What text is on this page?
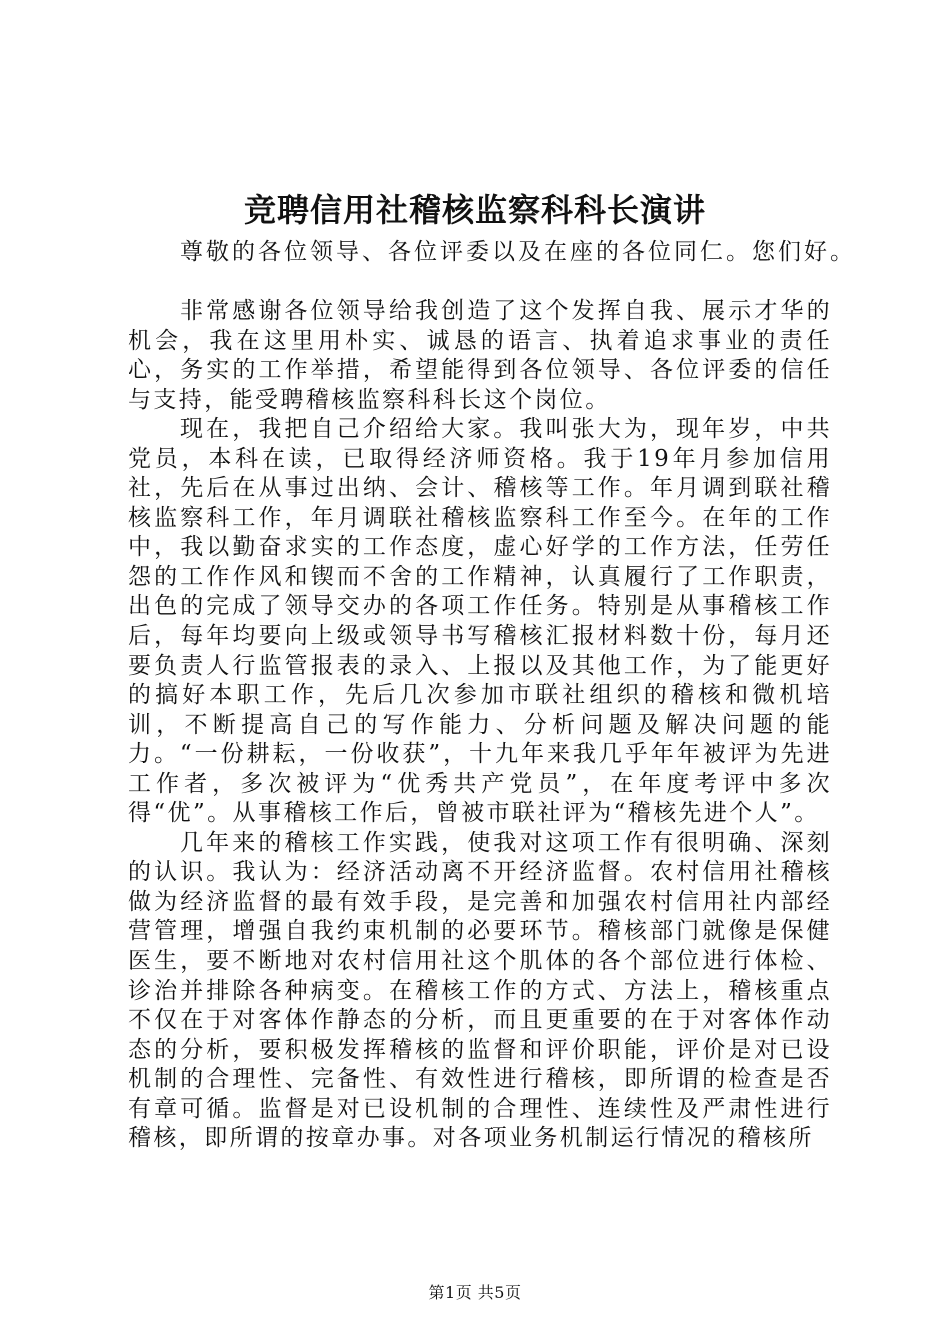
竞聘信用社稽核监察科科长演讲

尊敬的各位领导、各位评委以及在座的各位同仁。您们好。

非常感谢各位领导给我创造了这个发挥自我、展示才华的机会，我在这里用朴实、诚恳的语言、执着追求事业的责任心，务实的工作举措，希望能得到各位领导、各位评委的信任与支持，能受聘稽核监察科科长这个岗位。

现在，我把自己介绍给大家。我叫张大为，现年岁，中共党员，本科在读，已取得经济师资格。我于19年月参加信用社，先后在从事过出纳、会计、稽核等工作。年月调到联社稽核监察科工作，年月调联社稽核监察科工作至今。在年的工作中，我以勤奋求实的工作态度，虚心好学的工作方法，任劳任怨的工作作风和锲而不舍的工作精神，认真履行了工作职责，出色的完成了领导交办的各项工作任务。特别是从事稽核工作后，每年均要向上级或领导书写稽核汇报材料数十份，每月还要负责人行监管报表的录入、上报以及其他工作，为了能更好的搞好本职工作，先后几次参加市联社组织的稽核和微机培训，不断提高自己的写作能力、分析问题及解决问题的能力。“一份耕耘，一份收获”，十九年来我几乎年年被评为先进工作者，多次被评为“优秀共产党员”，在年度考评中多次得“优”。从事稽核工作后，曾被市联社评为“稽核先进个人”。

几年来的稽核工作实践，使我对这项工作有很明确、深刻的认识。我认为：经济活动离不开经济监督。农村信用社稽核做为经济监督的最有效手段，是完善和加强农村信用社内部经营管理，增强自我约束机制的必要环节。稽核部门就像是保健医生，要不断地对农村信用社这个肌体的各个部位进行体检、诊治并排除各种病变。在稽核工作的方式、方法上，稽核重点不仅在于对客体作静态的分析，而且更重要的在于对客体作动态的分析，要积极发挥稽核的监督和评价职能，评价是对已设机制的合理性、完备性、有效性进行稽核，即所谓的检查是否有章可循。监督是对已设机制的合理性、连续性及严肃性进行稽核，即所谓的按章办事。对各项业务机制运行情况的稽核所

第1页 共5页
